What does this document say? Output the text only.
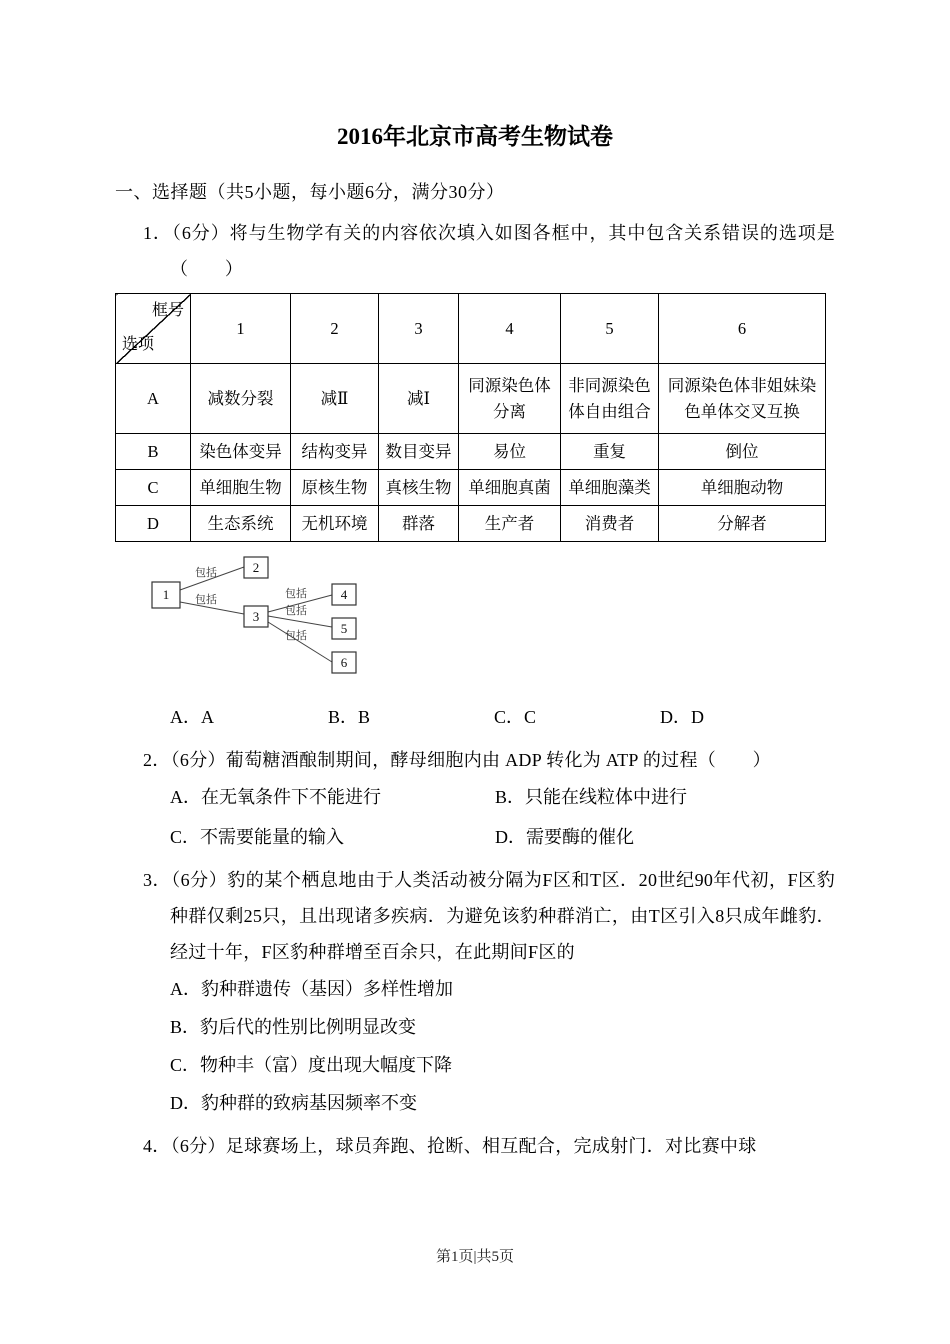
2016年北京市高考生物试卷
一、选择题（共5小题，每小题6分，满分30分）

1．（6分）将与生物学有关的内容依次填入如图各框中，其中包含关系错误的选项是（　　）

框号
选项	1	2	3	4	5	6
A	减数分裂	减Ⅱ	减Ⅰ	同源染色体分离	非同源染色体自由组合	同源染色体非姐妹染色单体交叉互换
B	染色体变异	结构变异	数目变异	易位	重复	倒位
C	单细胞生物	原核生物	真核生物	单细胞真菌	单细胞藻类	单细胞动物
D	生态系统	无机环境	群落	生产者	消费者	分解者
包括
包括	包括
包括
包括
1
2
3
4
5
6
A．A	B．B	C．C	D．D

2．（6分）葡萄糖酒酿制期间，酵母细胞内由 ADP 转化为 ATP 的过程（　　）

A．在无氧条件下不能进行	B．只能在线粒体中进行
C．不需要能量的输入	D．需要酶的催化

3．（6分）豹的某个栖息地由于人类活动被分隔为F区和T区．20世纪90年代初，F区豹种群仅剩25只，且出现诸多疾病．为避免该豹种群消亡，由T区引入8只成年雌豹．经过十年，F区豹种群增至百余只，在此期间F区的

A．豹种群遗传（基因）多样性增加
B．豹后代的性别比例明显改变
C．物种丰（富）度出现大幅度下降
D．豹种群的致病基因频率不变

4．（6分）足球赛场上，球员奔跑、抢断、相互配合，完成射门．对比赛中球

第1页|共5页
